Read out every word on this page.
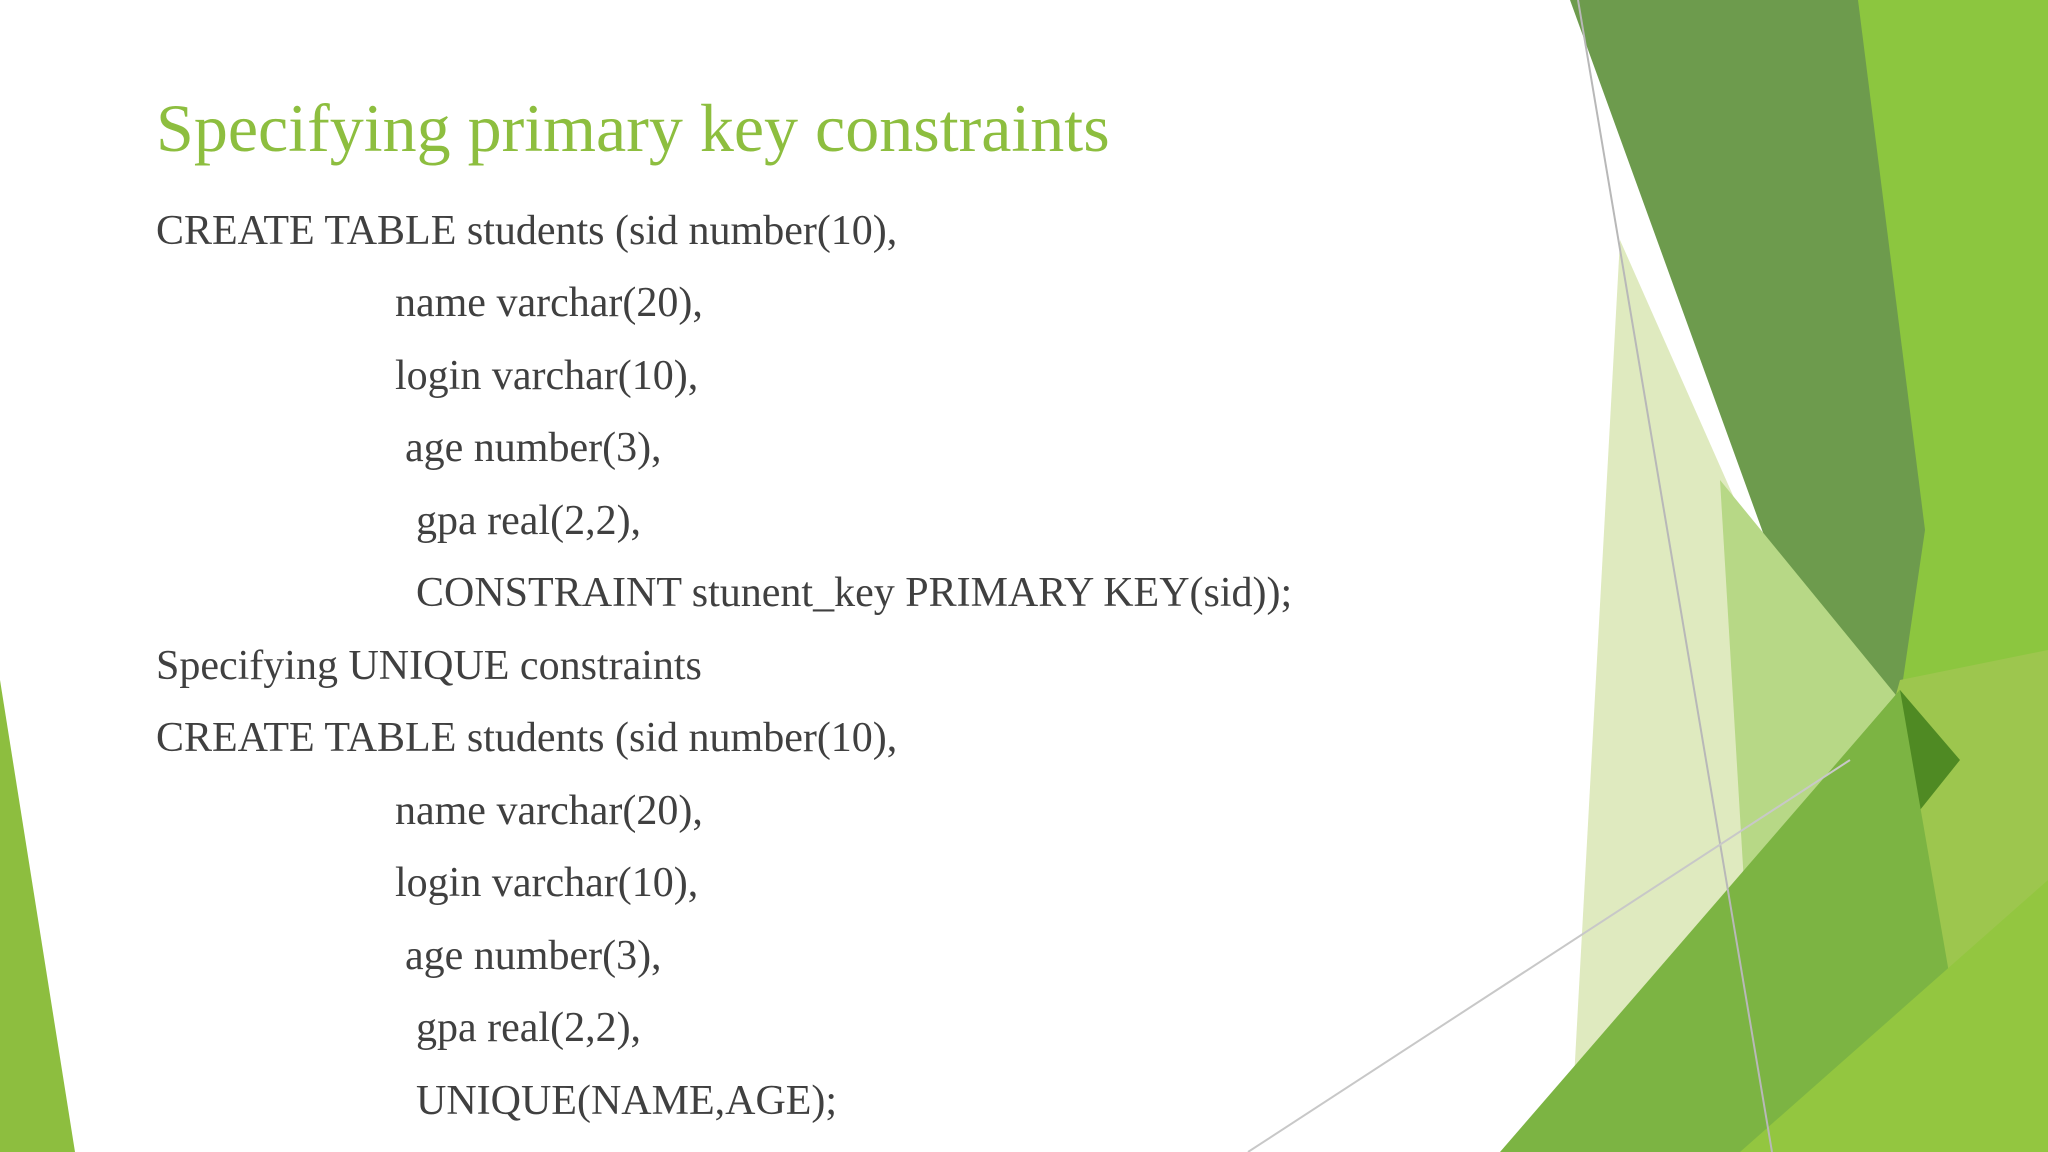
Specifying primary key constraints

CREATE TABLE students (sid number(10),

name varchar(20),

login varchar(10),

age number(3),

gpa real(2,2),

CONSTRAINT stunent_key PRIMARY KEY(sid));

Specifying UNIQUE constraints

CREATE TABLE students (sid number(10),

name varchar(20),

login varchar(10),

age number(3),

gpa real(2,2),

UNIQUE(NAME,AGE);
